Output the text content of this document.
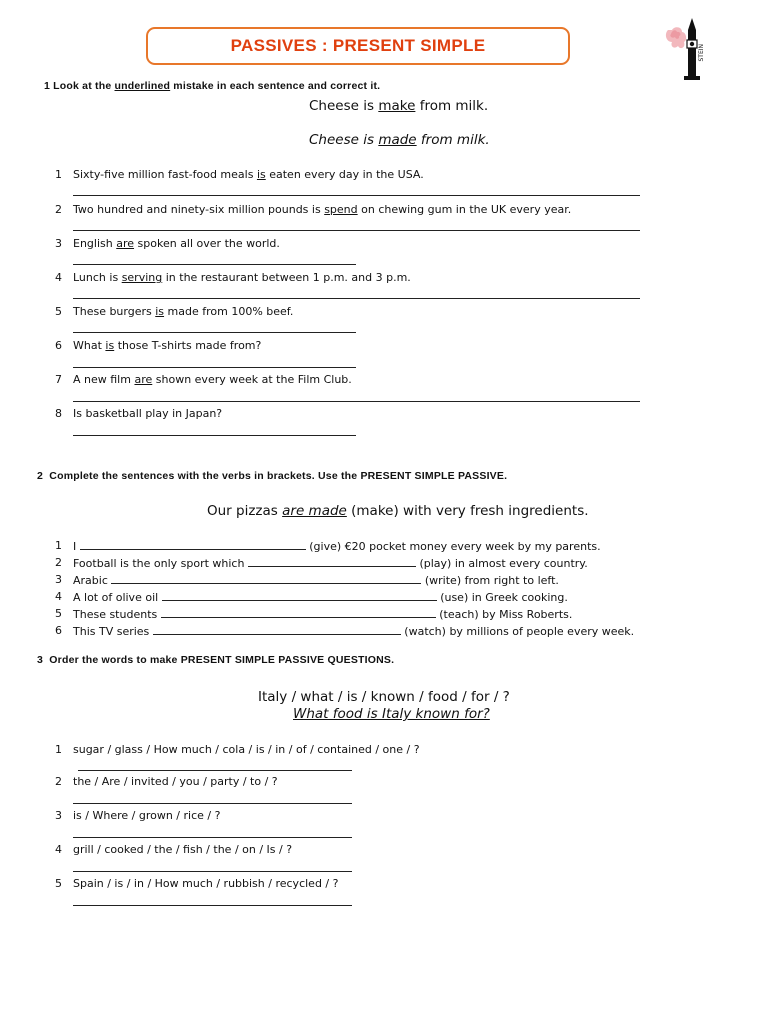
PASSIVES : PRESENT SIMPLE	STEIN
1 Look at the underlined mistake in each sentence and correct it.
Cheese is make from milk.
Cheese is made from milk.
1 Sixty-five million fast-food meals is eaten every day in the USA.
2 Two hundred and ninety-six million pounds is spend on chewing gum in the UK every year.
3 English are spoken all over the world.
4 Lunch is serving in the restaurant between 1 p.m. and 3 p.m.
5 These burgers is made from 100% beef.
6 What is those T-shirts made from?
7 A new film are shown every week at the Film Club.
8 Is basketball play in Japan?
2 Complete the sentences with the verbs in brackets. Use the PRESENT SIMPLE PASSIVE.
Our pizzas are made (make) with very fresh ingredients.
1 I	(give) €20 pocket money every week by my parents.
2 Football is the only sport which	(play) in almost every country.
3 Arabic	(write) from right to left.
4 A lot of olive oil	(use) in Greek cooking.
5 These students	(teach) by Miss Roberts.
6 This TV series	(watch) by millions of people every week.
3 Order the words to make PRESENT SIMPLE PASSIVE QUESTIONS.
Italy / what / is / known / food / for / ?
What food is Italy known for?
1 sugar / glass / How much / cola / is / in / of / contained / one / ?
2 the / Are / invited / you / party / to / ?
3 is / Where / grown / rice / ?
4 grill / cooked / the / fish / the / on / Is / ?
5 Spain / is / in / How much / rubbish / recycled / ?
